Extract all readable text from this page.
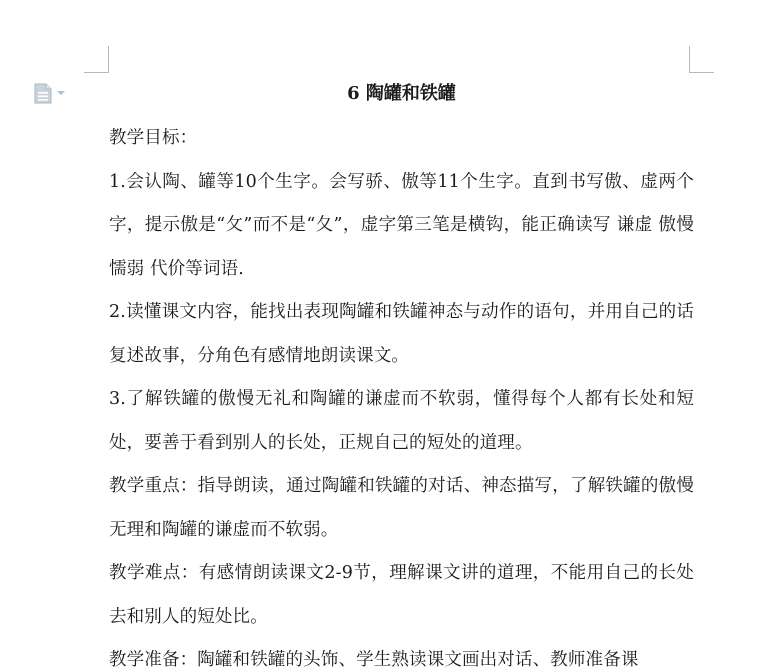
6 陶罐和铁罐

教学目标：

1.会认陶、罐等10个生字。会写骄、傲等11个生字。直到书写傲、虚两个字，提示傲是“攵”而不是“夂”，虚字第三笔是横钩，能正确读写 谦虚 傲慢 懦弱 代价等词语.

2.读懂课文内容，能找出表现陶罐和铁罐神态与动作的语句，并用自己的话复述故事，分角色有感情地朗读课文。

3.了解铁罐的傲慢无礼和陶罐的谦虚而不软弱，懂得每个人都有长处和短处，要善于看到别人的长处，正规自己的短处的道理。

教学重点：指导朗读，通过陶罐和铁罐的对话、神态描写，了解铁罐的傲慢无理和陶罐的谦虚而不软弱。

教学难点：有感情朗读课文2-9节，理解课文讲的道理，不能用自己的长处去和别人的短处比。

教学准备：陶罐和铁罐的头饰、学生熟读课文画出对话、教师准备课
